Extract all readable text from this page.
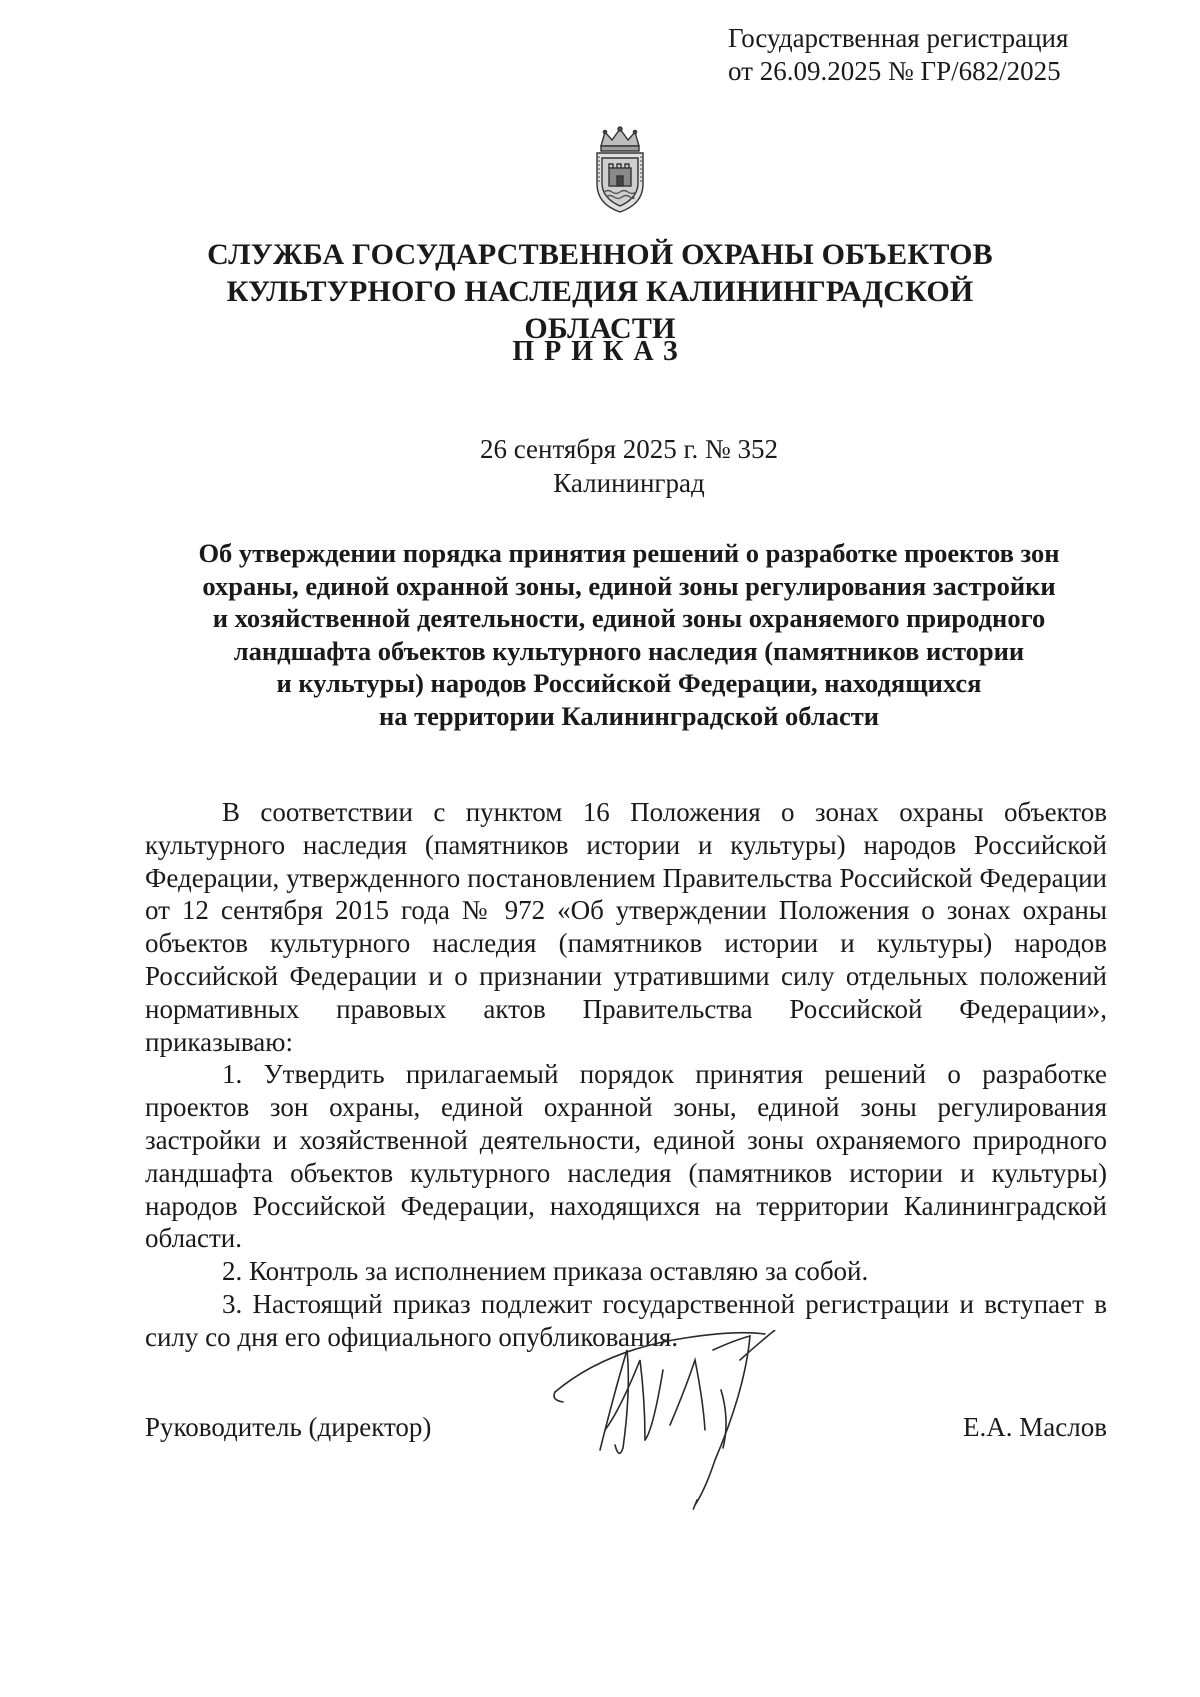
Государственная регистрация
от 26.09.2025 № ГР/682/2025
СЛУЖБА ГОСУДАРСТВЕННОЙ ОХРАНЫ ОБЪЕКТОВ
КУЛЬТУРНОГО НАСЛЕДИЯ КАЛИНИНГРАДСКОЙ ОБЛАСТИ
ПРИКАЗ
26 сентября 2025 г. № 352
Калининград
Об утверждении порядка принятия решений о разработке проектов зон
охраны, единой охранной зоны, единой зоны регулирования застройки
и хозяйственной деятельности, единой зоны охраняемого природного
ландшафта объектов культурного наследия (памятников истории
и культуры) народов Российской Федерации, находящихся
на территории Калининградской области

В соответствии с пунктом 16 Положения о зонах охраны объектов культурного наследия (памятников истории и культуры) народов Российской Федерации, утвержденного постановлением Правительства Российской Федерации от 12 сентября 2015 года № 972 «Об утверждении Положения о зонах охраны объектов культурного наследия (памятников истории и культуры) народов Российской Федерации и о признании утратившими силу отдельных положений нормативных правовых актов Правительства Российской Федерации», приказываю:

1. Утвердить прилагаемый порядок принятия решений о разработке проектов зон охраны, единой охранной зоны, единой зоны регулирования застройки и хозяйственной деятельности, единой зоны охраняемого природного ландшафта объектов культурного наследия (памятников истории и культуры) народов Российской Федерации, находящихся на территории Калининградской области.

2. Контроль за исполнением приказа оставляю за собой.

3. Настоящий приказ подлежит государственной регистрации и вступает в силу со дня его официального опубликования.

Руководитель (директор)	Е.А. Маслов
